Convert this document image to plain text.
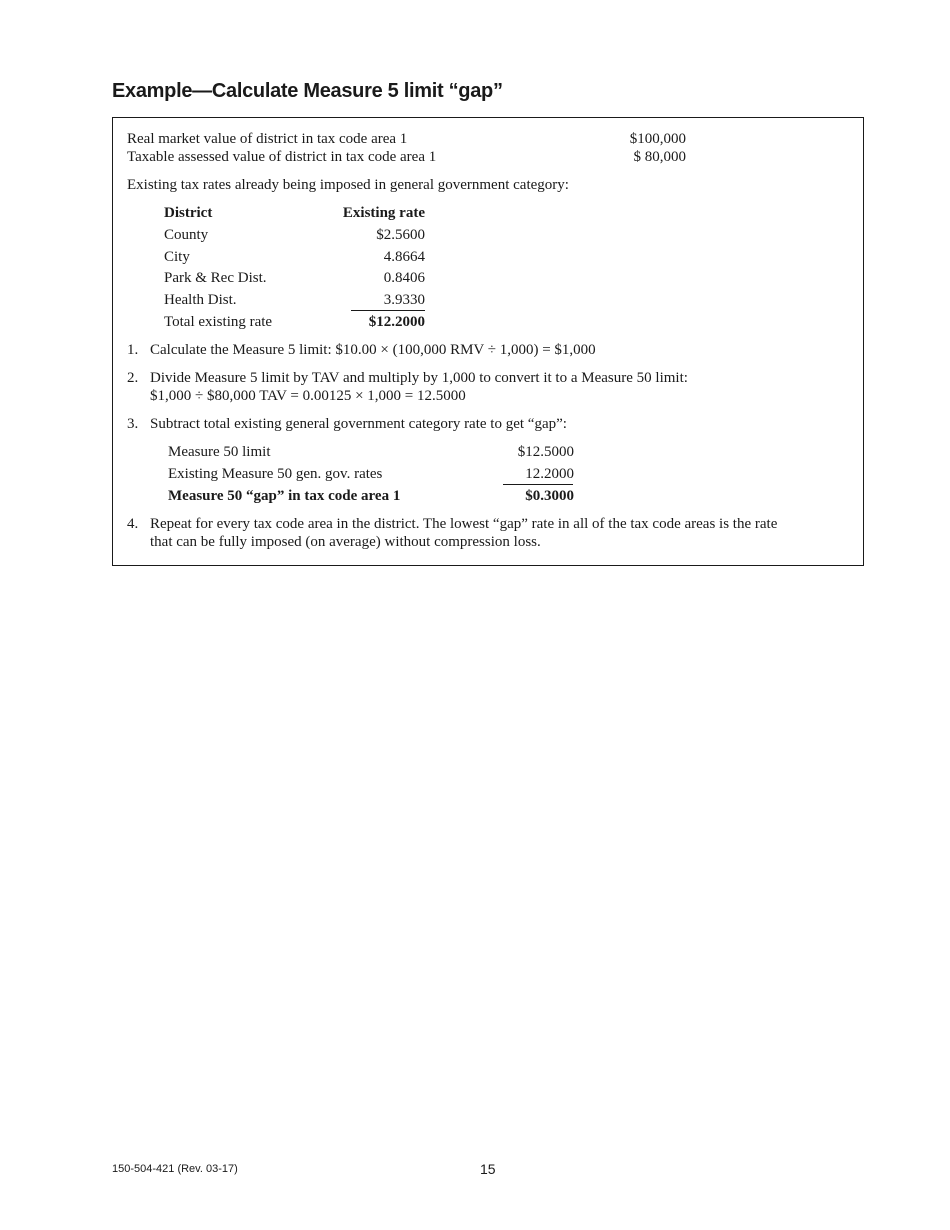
Example—Calculate Measure 5 limit “gap”
Real market value of district in tax code area 1	$100,000
Taxable assessed value of district in tax code area 1	$ 80,000
Existing tax rates already being imposed in general government category:
District	Existing rate
County	$2.5600
City	4.8664
Park & Rec Dist.	0.8406
Health Dist.	3.9330
Total existing rate	$12.2000
1. Calculate the Measure 5 limit: $10.00 × (100,000 RMV ÷ 1,000) = $1,000
2. Divide Measure 5 limit by TAV and multiply by 1,000 to convert it to a Measure 50 limit:
$1,000 ÷ $80,000 TAV = 0.00125 × 1,000 = 12.5000
3. Subtract total existing general government category rate to get “gap”:
Measure 50 limit	$12.5000
Existing Measure 50 gen. gov. rates	12.2000
Measure 50 “gap” in tax code area 1	$0.3000
4. Repeat for every tax code area in the district. The lowest “gap” rate in all of the tax code areas is the rate
that can be fully imposed (on average) without compression loss.
150-504-421 (Rev. 03-17)	15
